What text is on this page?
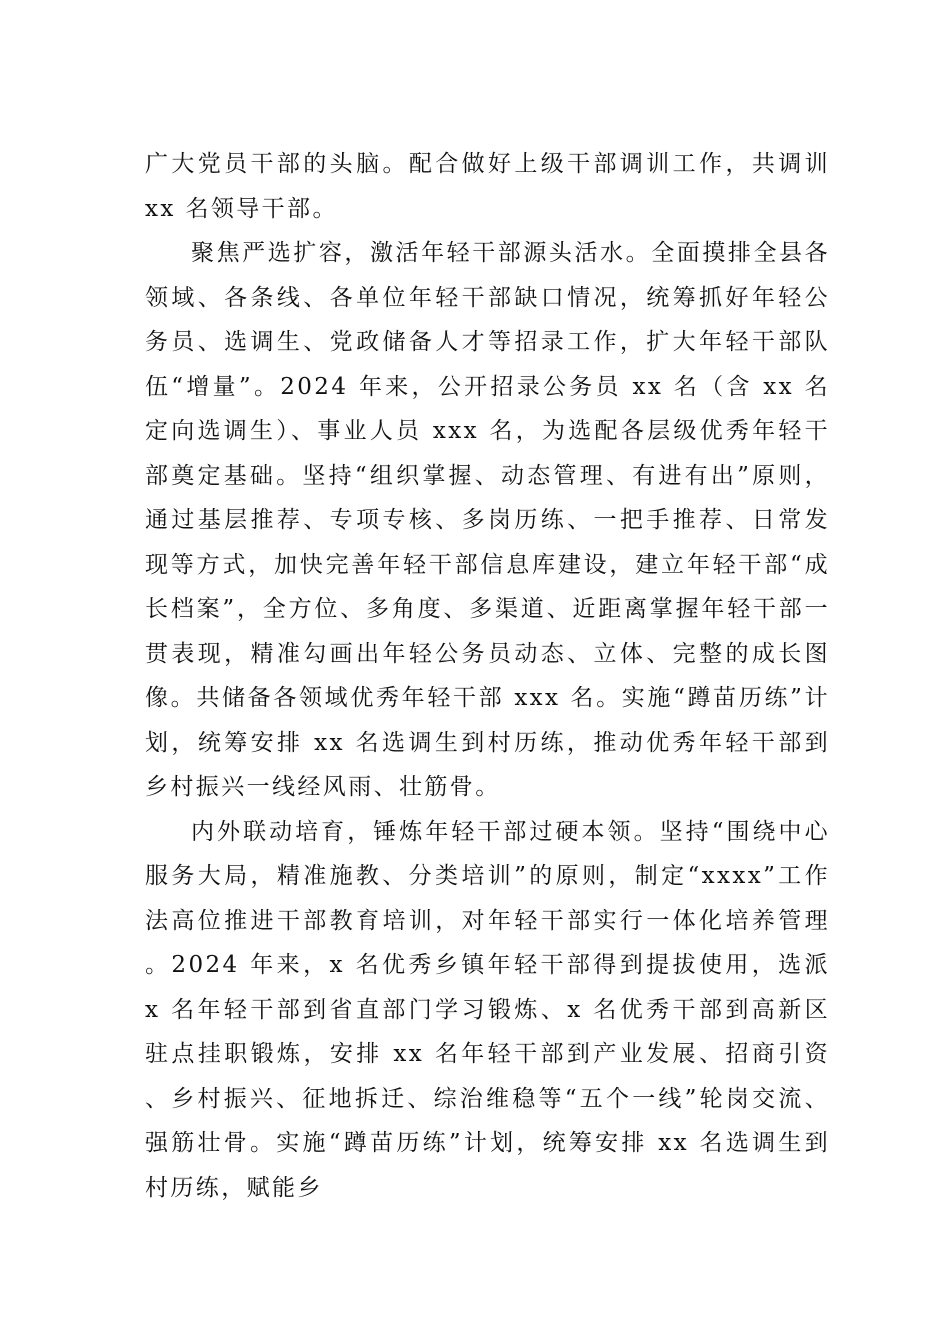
广大党员干部的头脑。配合做好上级干部调训工作，共调训 xx 名领导干部。

聚焦严选扩容，激活年轻干部源头活水。全面摸排全县各领域、各条线、各单位年轻干部缺口情况，统筹抓好年轻公务员、选调生、党政储备人才等招录工作，扩大年轻干部队伍“增量”。2024 年来，公开招录公务员 xx 名（含 xx 名定向选调生）、事业人员 xxx 名，为选配各层级优秀年轻干部奠定基础。坚持“组织掌握、动态管理、有进有出”原则，通过基层推荐、专项专核、多岗历练、一把手推荐、日常发现等方式，加快完善年轻干部信息库建设，建立年轻干部“成长档案”，全方位、多角度、多渠道、近距离掌握年轻干部一贯表现，精准勾画出年轻公务员动态、立体、完整的成长图像。共储备各领域优秀年轻干部 xxx 名。实施“蹲苗历练”计划，统筹安排 xx 名选调生到村历练，推动优秀年轻干部到乡村振兴一线经风雨、壮筋骨。

内外联动培育，锤炼年轻干部过硬本领。坚持“围绕中心服务大局，精准施教、分类培训”的原则，制定“xxxx”工作法高位推进干部教育培训，对年轻干部实行一体化培养管理。2024 年来，x 名优秀乡镇年轻干部得到提拔使用，选派 x 名年轻干部到省直部门学习锻炼、x 名优秀干部到高新区驻点挂职锻炼，安排 xx 名年轻干部到产业发展、招商引资、乡村振兴、征地拆迁、综治维稳等“五个一线”轮岗交流、强筋壮骨。实施“蹲苗历练”计划，统筹安排 xx 名选调生到村历练，赋能乡
